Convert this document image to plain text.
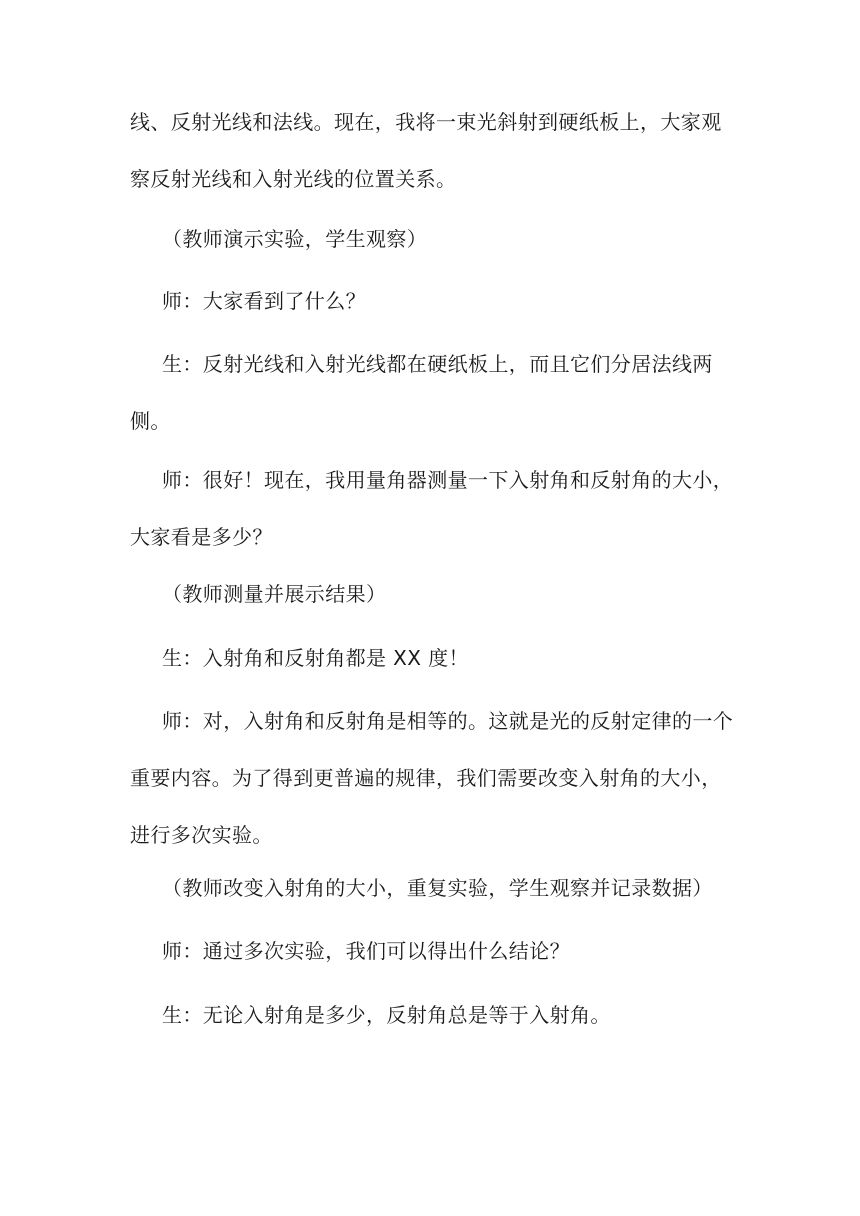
线、反射光线和法线。现在，我将一束光斜射到硬纸板上，大家观察反射光线和入射光线的位置关系。

（教师演示实验，学生观察）

师：大家看到了什么？

生：反射光线和入射光线都在硬纸板上，而且它们分居法线两侧。

师：很好！现在，我用量角器测量一下入射角和反射角的大小，大家看是多少？

（教师测量并展示结果）

生：入射角和反射角都是 XX 度！

师：对，入射角和反射角是相等的。这就是光的反射定律的一个重要内容。为了得到更普遍的规律，我们需要改变入射角的大小，进行多次实验。

（教师改变入射角的大小，重复实验，学生观察并记录数据）

师：通过多次实验，我们可以得出什么结论？

生：无论入射角是多少，反射角总是等于入射角。
